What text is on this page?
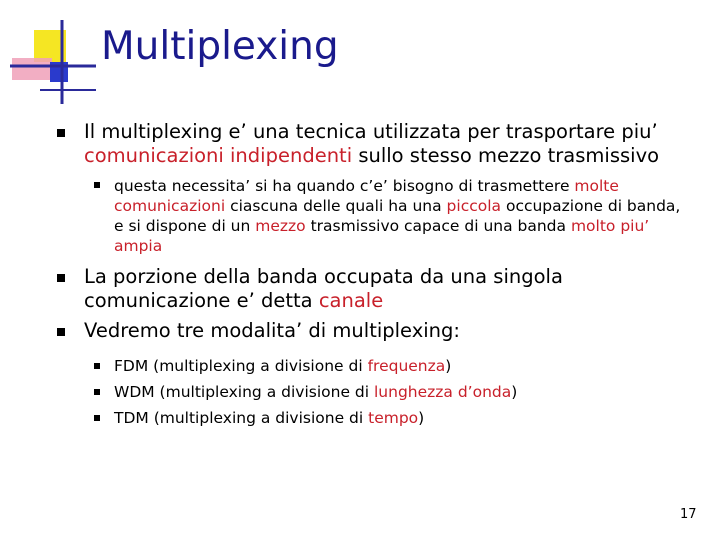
Multiplexing
Il multiplexing e’ una tecnica utilizzata per trasportare piu’ comunicazioni indipendenti sullo stesso mezzo trasmissivo
questa necessita’ si ha quando c’e’ bisogno di trasmettere molte comunicazioni ciascuna delle quali ha una piccola occupazione di banda, e si dispone di un mezzo trasmissivo capace di una banda molto piu’ ampia
La porzione della banda occupata da una singola comunicazione e’ detta canale
Vedremo tre modalita’ di multiplexing:
FDM (multiplexing a divisione di frequenza)
WDM (multiplexing a divisione di lunghezza d’onda)
TDM (multiplexing a divisione di tempo)
17
